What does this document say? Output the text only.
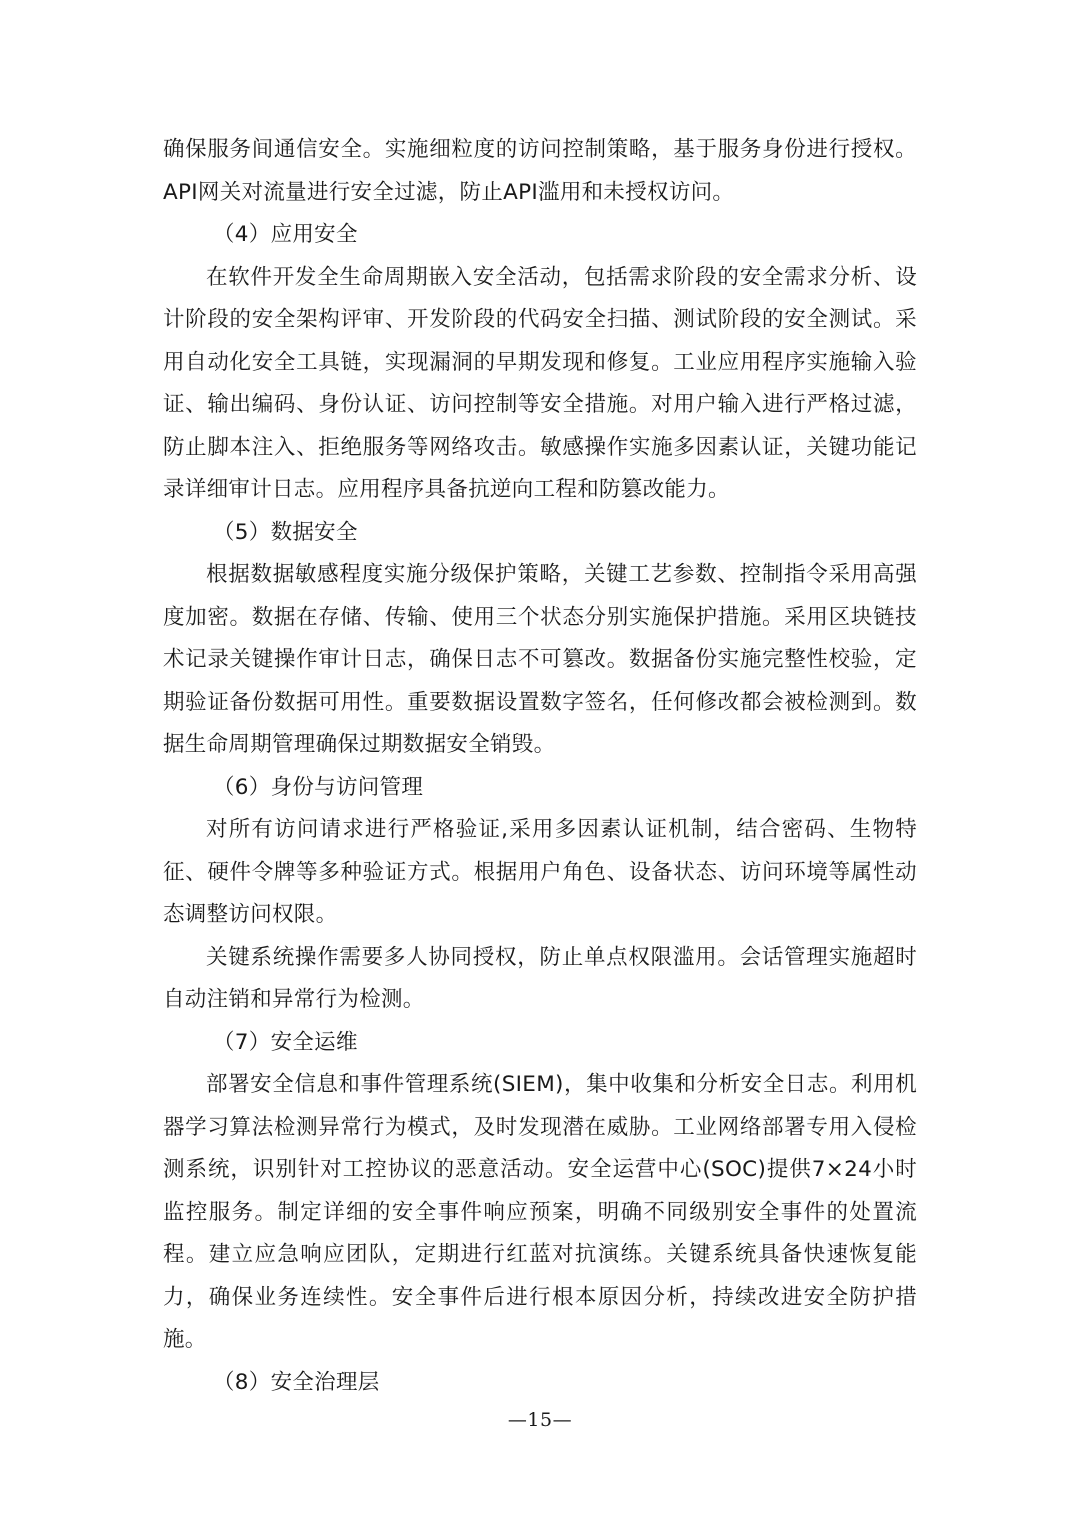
确保服务间通信安全。实施细粒度的访问控制策略，基于服务身份进行授权。API网关对流量进行安全过滤，防止API滥用和未授权访问。

（4）应用安全

在软件开发全生命周期嵌入安全活动，包括需求阶段的安全需求分析、设计阶段的安全架构评审、开发阶段的代码安全扫描、测试阶段的安全测试。采用自动化安全工具链，实现漏洞的早期发现和修复。工业应用程序实施输入验证、输出编码、身份认证、访问控制等安全措施。对用户输入进行严格过滤，防止脚本注入、拒绝服务等网络攻击。敏感操作实施多因素认证，关键功能记录详细审计日志。应用程序具备抗逆向工程和防篡改能力。

（5）数据安全

根据数据敏感程度实施分级保护策略，关键工艺参数、控制指令采用高强度加密。数据在存储、传输、使用三个状态分别实施保护措施。采用区块链技术记录关键操作审计日志，确保日志不可篡改。数据备份实施完整性校验，定期验证备份数据可用性。重要数据设置数字签名，任何修改都会被检测到。数据生命周期管理确保过期数据安全销毁。

（6）身份与访问管理

对所有访问请求进行严格验证,采用多因素认证机制，结合密码、生物特征、硬件令牌等多种验证方式。根据用户角色、设备状态、访问环境等属性动态调整访问权限。

关键系统操作需要多人协同授权，防止单点权限滥用。会话管理实施超时自动注销和异常行为检测。

（7）安全运维

部署安全信息和事件管理系统(SIEM)，集中收集和分析安全日志。利用机器学习算法检测异常行为模式，及时发现潜在威胁。工业网络部署专用入侵检测系统，识别针对工控协议的恶意活动。安全运营中心(SOC)提供7×24小时监控服务。制定详细的安全事件响应预案，明确不同级别安全事件的处置流程。建立应急响应团队，定期进行红蓝对抗演练。关键系统具备快速恢复能力，确保业务连续性。安全事件后进行根本原因分析，持续改进安全防护措施。

（8）安全治理层

—15—
